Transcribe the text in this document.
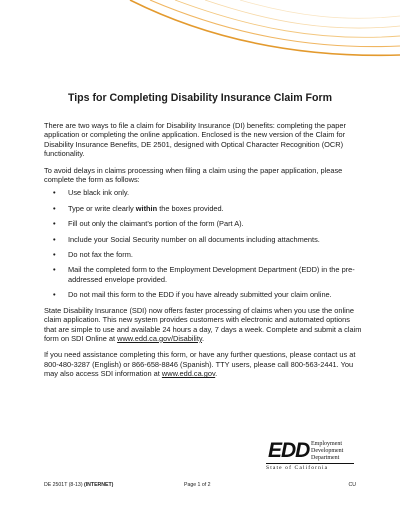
Tips for Completing Disability Insurance Claim Form

There are two ways to file a claim for Disability Insurance (DI) benefits: completing the paper application or completing the online application. Enclosed is the new version of the Claim for Disability Insurance Benefits, DE 2501, designed with Optical Character Recognition (OCR) functionality.

To avoid delays in claims processing when filing a claim using the paper application, please complete the form as follows:

• Use black ink only.
• Type or write clearly within the boxes provided.
• Fill out only the claimant’s portion of the form (Part A).
• Include your Social Security number on all documents including attachments.
• Do not fax the form.
• Mail the completed form to the Employment Development Department (EDD) in the pre-addressed envelope provided.
• Do not mail this form to the EDD if you have already submitted your claim online.

State Disability Insurance (SDI) now offers faster processing of claims when you use the online claim application. This new system provides customers with electronic and automated options that are simple to use and available 24 hours a day, 7 days a week. Complete and submit a claim form on SDI Online at www.edd.ca.gov/Disability.

If you need assistance completing this form, or have any further questions, please contact us at 800-480-3287 (English) or 866-658-8846 (Spanish). TTY users, please call 800-563-2441. You may also access SDI information at www.edd.ca.gov.

EDD Employment
Development
Department
State of California
DE 2501T (8-13) (INTERNET)	Page 1 of 2	CU
